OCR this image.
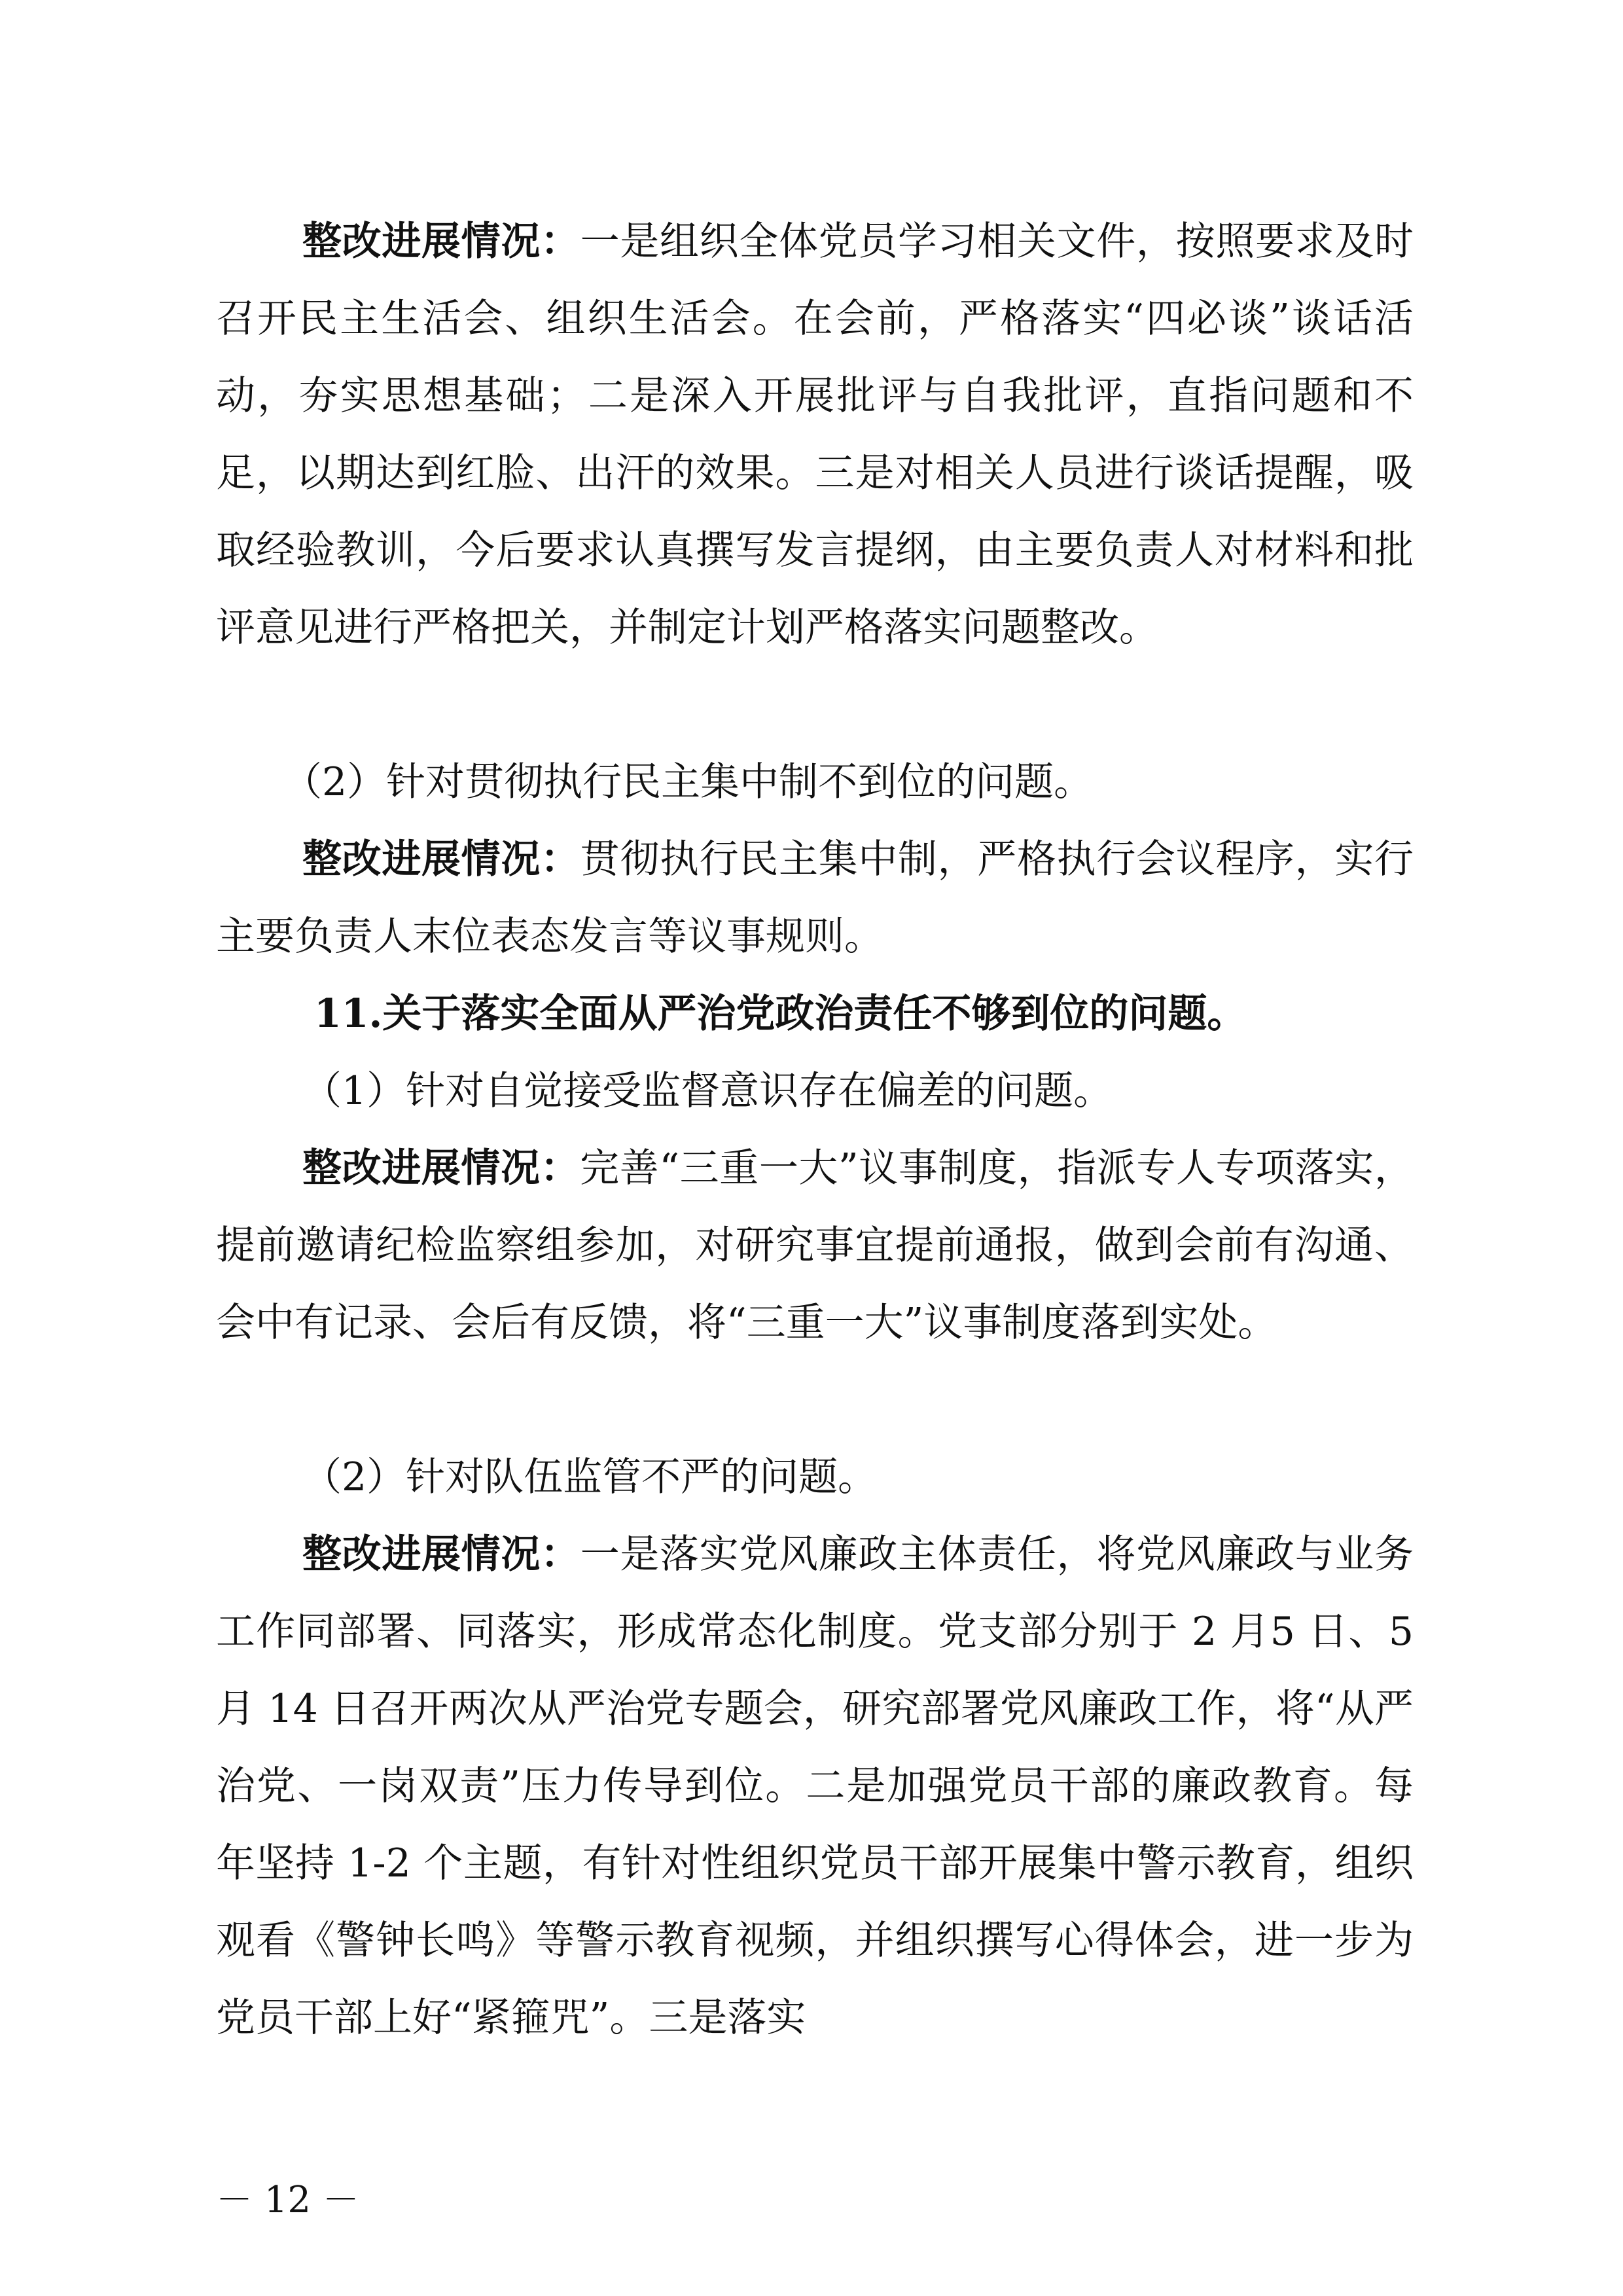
整改进展情况：一是组织全体党员学习相关文件，按照要求及时召开民主生活会、组织生活会。在会前，严格落实“四必谈”谈话活动，夯实思想基础；二是深入开展批评与自我批评，直指问题和不足，以期达到红脸、出汗的效果。三是对相关人员进行谈话提醒，吸取经验教训，今后要求认真撰写发言提纲，由主要负责人对材料和批评意见进行严格把关，并制定计划严格落实问题整改。

（2）针对贯彻执行民主集中制不到位的问题。

整改进展情况：贯彻执行民主集中制，严格执行会议程序，实行主要负责人末位表态发言等议事规则。

11.关于落实全面从严治党政治责任不够到位的问题。

（1）针对自觉接受监督意识存在偏差的问题。

整改进展情况：完善“三重一大”议事制度，指派专人专项落实，提前邀请纪检监察组参加，对研究事宜提前通报，做到会前有沟通、会中有记录、会后有反馈，将“三重一大”议事制度落到实处。

（2）针对队伍监管不严的问题。

整改进展情况：一是落实党风廉政主体责任，将党风廉政与业务工作同部署、同落实，形成常态化制度。党支部分别于 2 月5 日、5 月 14 日召开两次从严治党专题会，研究部署党风廉政工作，将“从严治党、一岗双责”压力传导到位。二是加强党员干部的廉政教育。每年坚持 1-2 个主题，有针对性组织党员干部开展集中警示教育，组织观看《警钟长鸣》等警示教育视频，并组织撰写心得体会，进一步为党员干部上好“紧箍咒”。三是落实

－ 12 －
